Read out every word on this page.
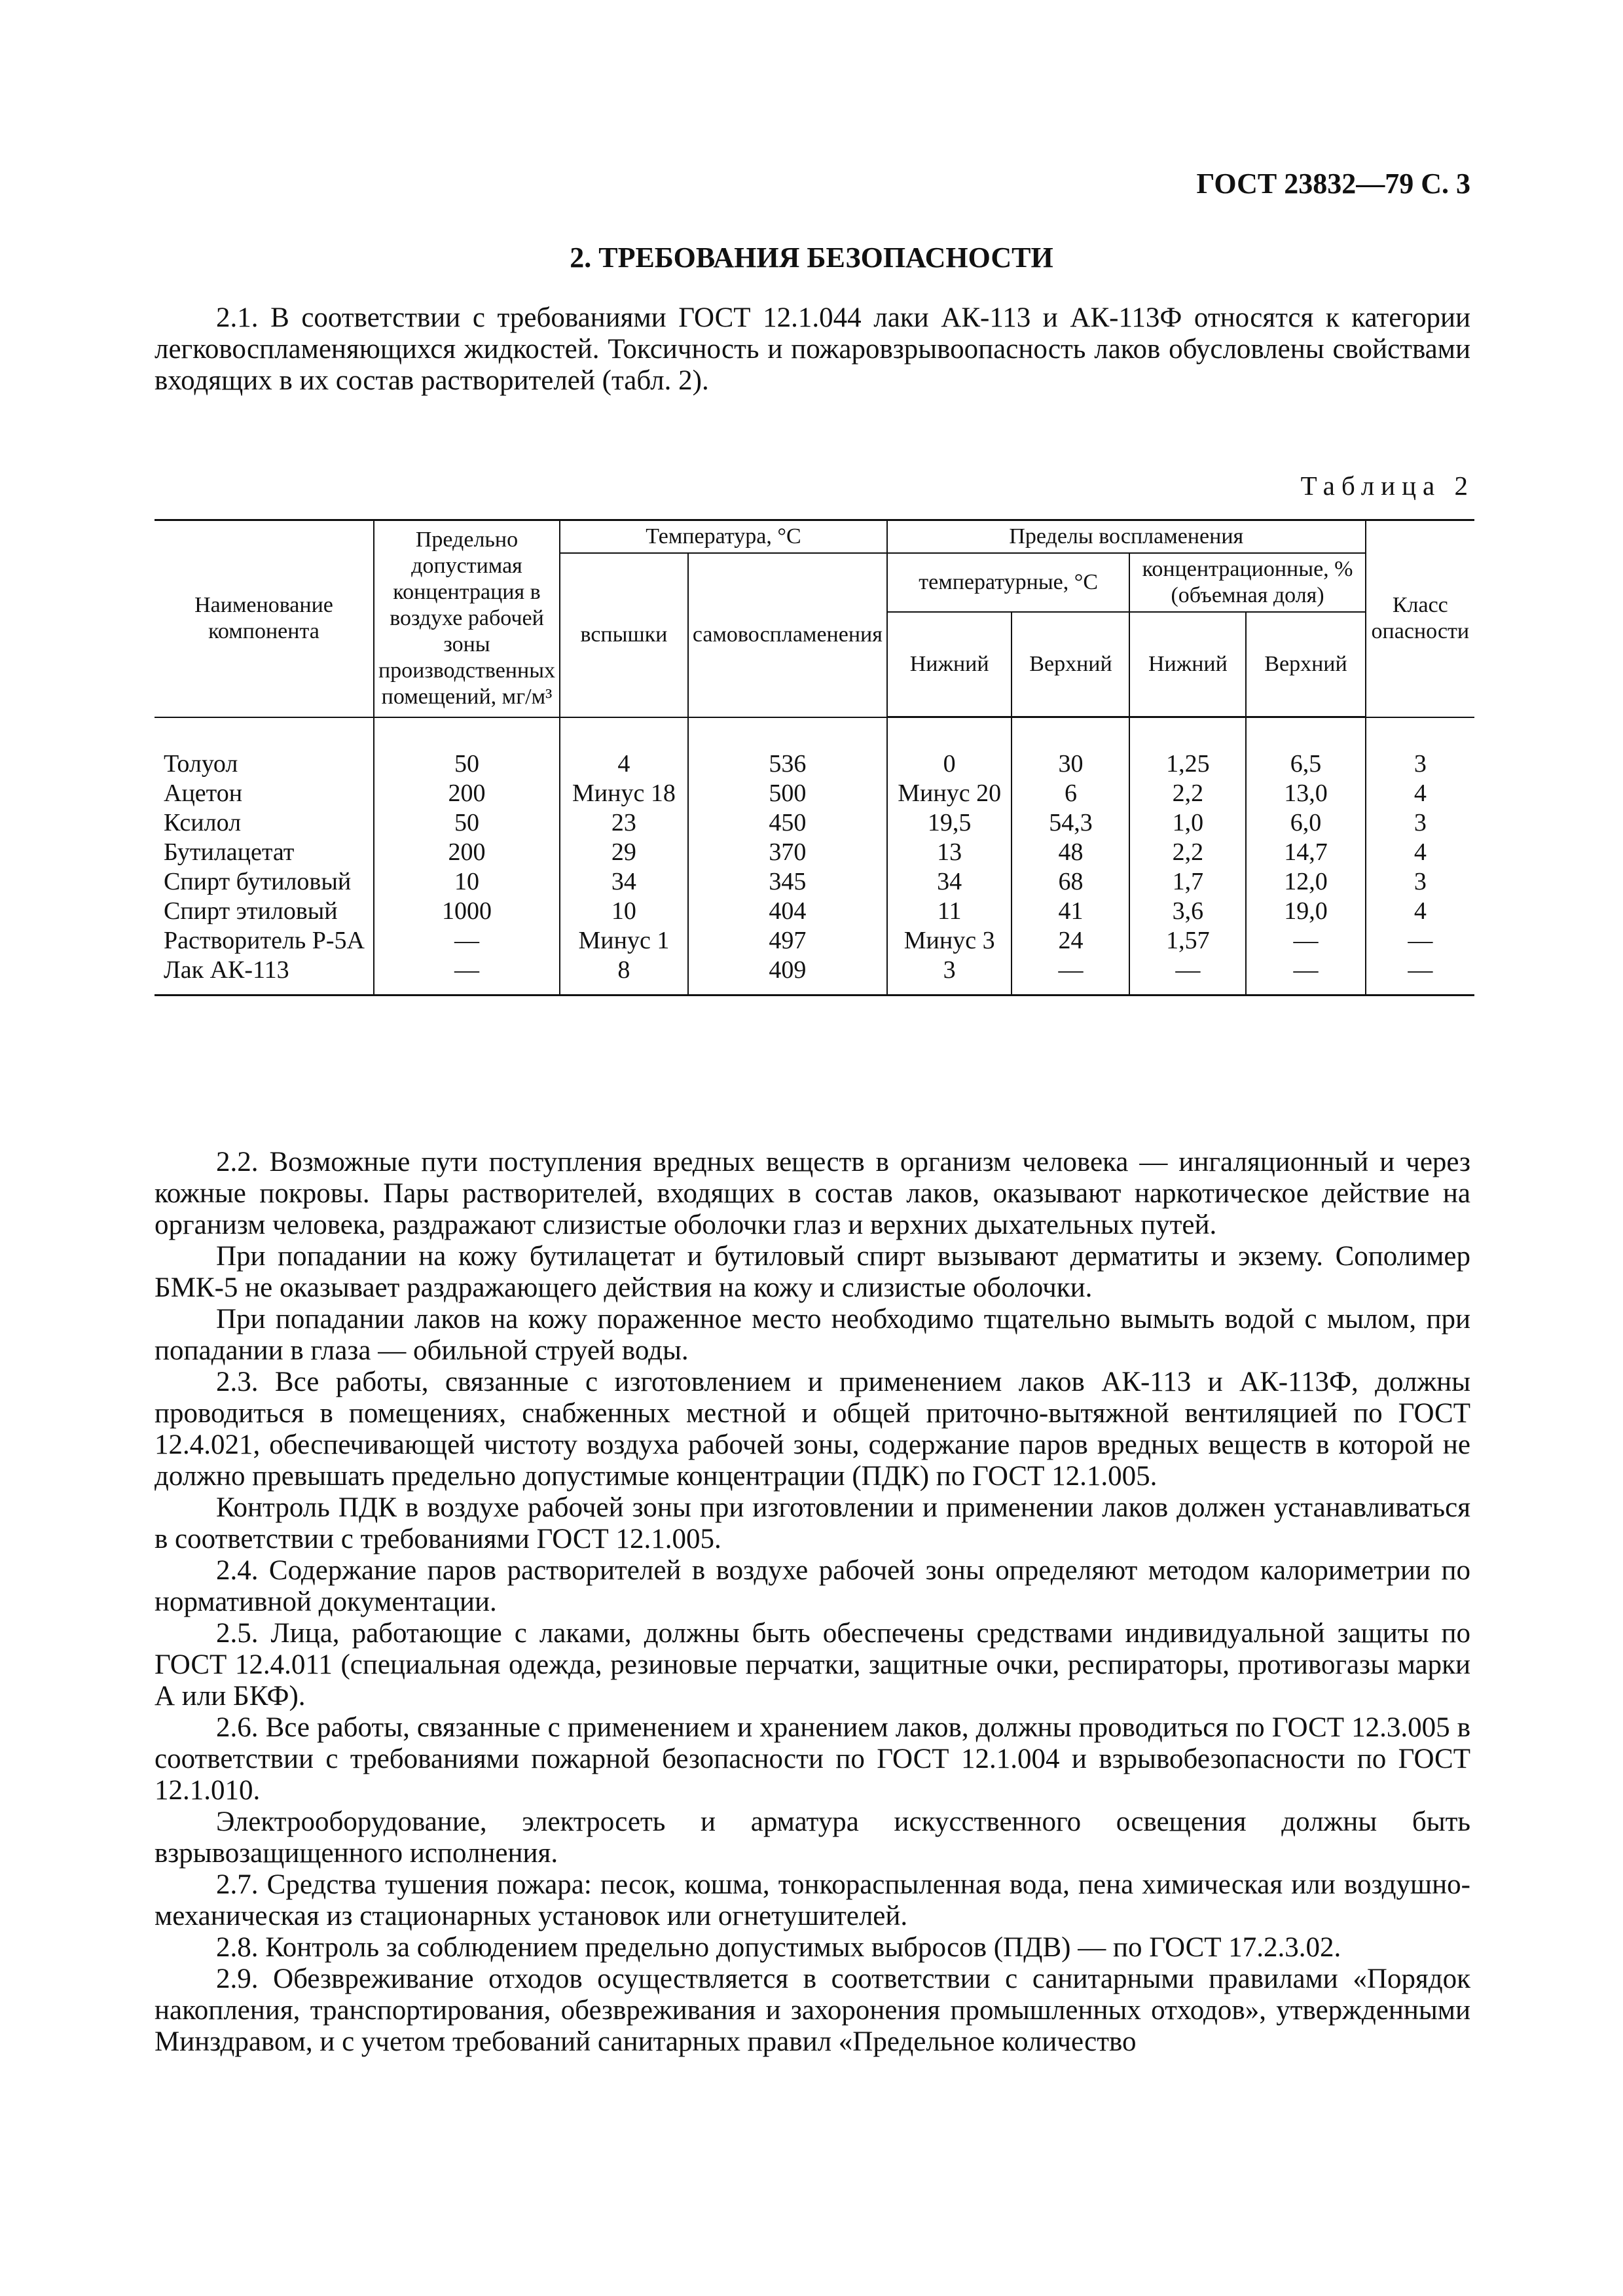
ГОСТ 23832—79 С. 3
2. ТРЕБОВАНИЯ БЕЗОПАСНОСТИ

2.1. В соответствии с требованиями ГОСТ 12.1.044 лаки АК-113 и АК-113Ф относятся к категории легковоспламеняющихся жидкостей. Токсичность и пожаровзрывоопасность лаков обусловлены свойствами входящих в их состав растворителей (табл. 2).

Таблица 2
Наименование компонента	Предельно допустимая концентрация в воздухе рабочей зоны производственных помещений, мг/м³	Температура, °С		Пределы воспламенения				Класс опасности
		вспышки	самовоспламенения	температурные, °С		концентрационные, % (объемная доля)		
				Нижний	Верхний	Нижний	Верхний	
Толуол	50	4	536	0	30	1,25	6,5	3
Ацетон	200	Минус 18	500	Минус 20	6	2,2	13,0	4
Ксилол	50	23	450	19,5	54,3	1,0	6,0	3
Бутилацетат	200	29	370	13	48	2,2	14,7	4
Спирт бутиловый	10	34	345	34	68	1,7	12,0	3
Спирт этиловый	1000	10	404	11	41	3,6	19,0	4
Растворитель Р-5А	—	Минус 1	497	Минус 3	24	1,57	—	—
Лак АК-113	—	8	409	3	—	—	—	—

2.2. Возможные пути поступления вредных веществ в организм человека — ингаляционный и через кожные покровы. Пары растворителей, входящих в состав лаков, оказывают наркотическое действие на организм человека, раздражают слизистые оболочки глаз и верхних дыхательных путей.

При попадании на кожу бутилацетат и бутиловый спирт вызывают дерматиты и экзему. Сополимер БМК-5 не оказывает раздражающего действия на кожу и слизистые оболочки.

При попадании лаков на кожу пораженное место необходимо тщательно вымыть водой с мылом, при попадании в глаза — обильной струей воды.

2.3. Все работы, связанные с изготовлением и применением лаков АК-113 и АК-113Ф, должны проводиться в помещениях, снабженных местной и общей приточно-вытяжной вентиляцией по ГОСТ 12.4.021, обеспечивающей чистоту воздуха рабочей зоны, содержание паров вредных веществ в которой не должно превышать предельно допустимые концентрации (ПДК) по ГОСТ 12.1.005.

Контроль ПДК в воздухе рабочей зоны при изготовлении и применении лаков должен устанавливаться в соответствии с требованиями ГОСТ 12.1.005.

2.4. Содержание паров растворителей в воздухе рабочей зоны определяют методом калориметрии по нормативной документации.

2.5. Лица, работающие с лаками, должны быть обеспечены средствами индивидуальной защиты по ГОСТ 12.4.011 (специальная одежда, резиновые перчатки, защитные очки, респираторы, противогазы марки А или БКФ).

2.6. Все работы, связанные с применением и хранением лаков, должны проводиться по ГОСТ 12.3.005 в соответствии с требованиями пожарной безопасности по ГОСТ 12.1.004 и взрывобезопасности по ГОСТ 12.1.010.

Электрооборудование, электросеть и арматура искусственного освещения должны быть взрывозащищенного исполнения.

2.7. Средства тушения пожара: песок, кошма, тонкораспыленная вода, пена химическая или воздушно-механическая из стационарных установок или огнетушителей.

2.8. Контроль за соблюдением предельно допустимых выбросов (ПДВ) — по ГОСТ 17.2.3.02.

2.9. Обезвреживание отходов осуществляется в соответствии с санитарными правилами «Порядок накопления, транспортирования, обезвреживания и захоронения промышленных отходов», утвержденными Минздравом, и с учетом требований санитарных правил «Предельное количество
